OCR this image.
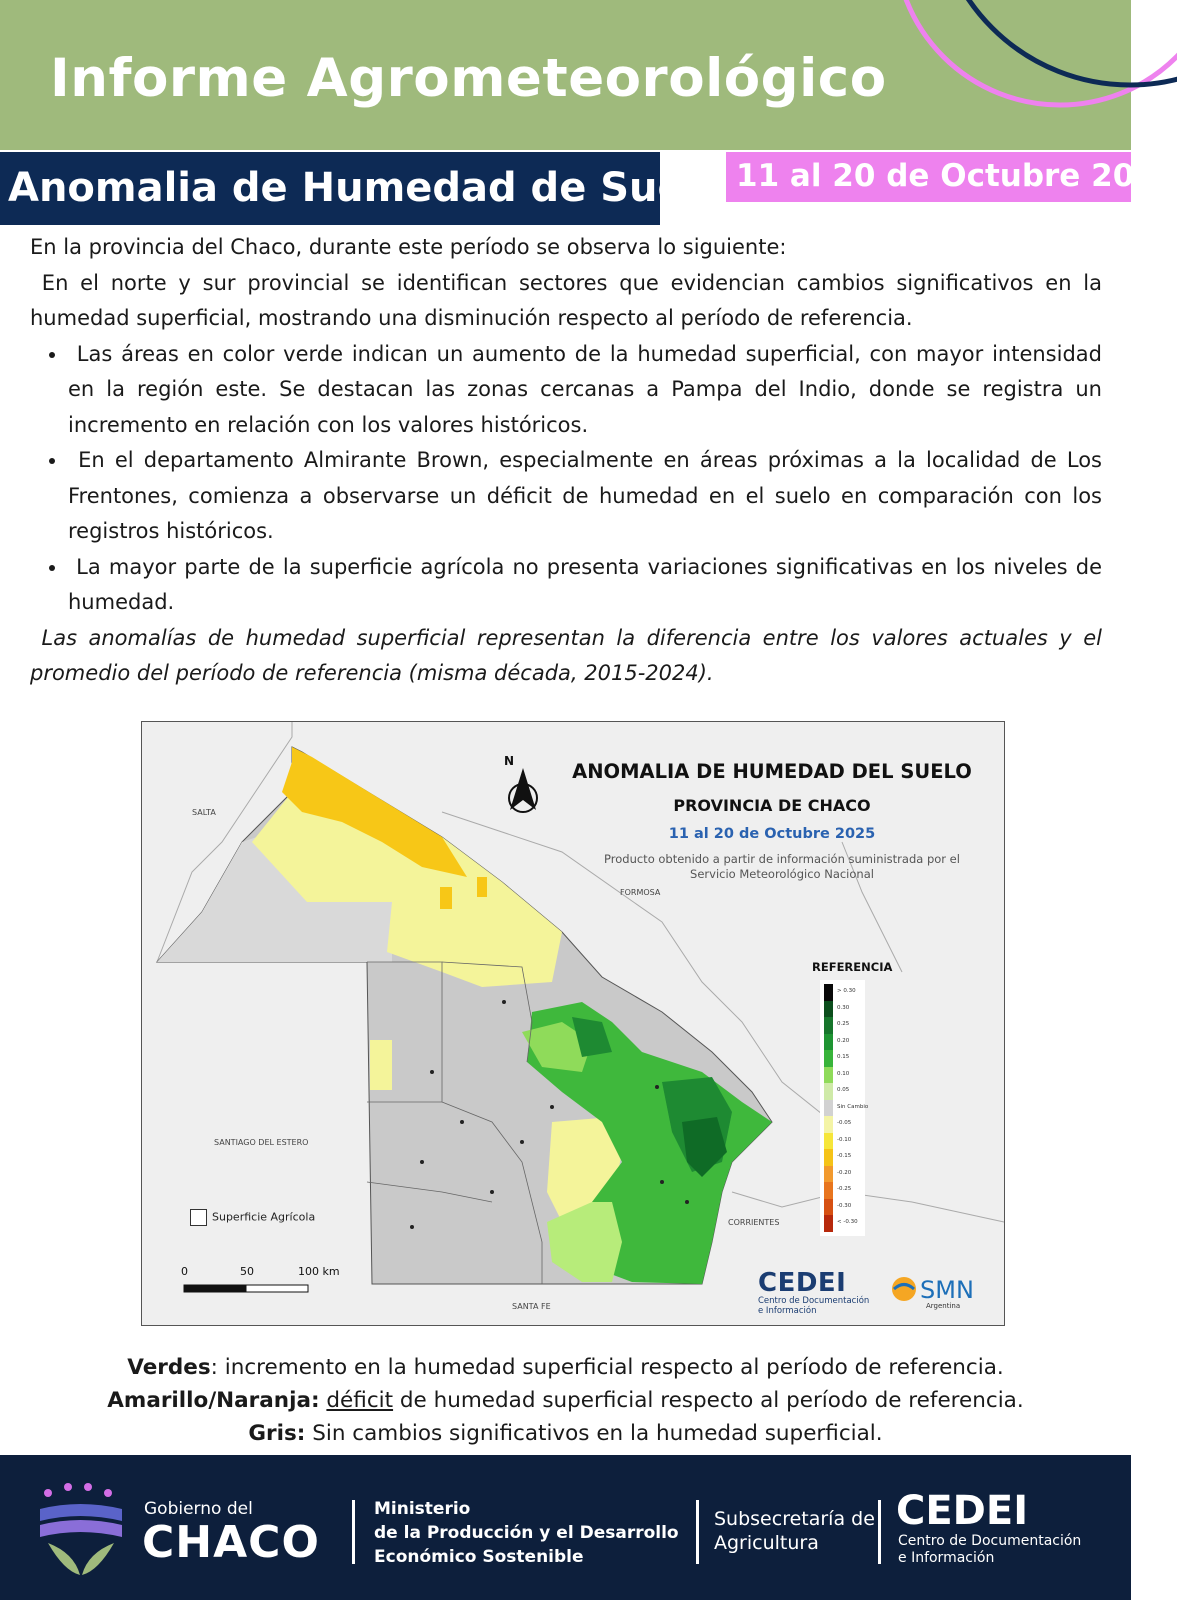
Informe Agrometeorológico
Anomalia de Humedad de Suelo 11 al 20 de Octubre 2025

En la provincia del Chaco, durante este período se observa lo siguiente:

En el norte y sur provincial se identifican sectores que evidencian cambios significativos en la humedad superficial, mostrando una disminución respecto al período de referencia.

• Las áreas en color verde indican un aumento de la humedad superficial, con mayor intensidad en la región este. Se destacan las zonas cercanas a Pampa del Indio, donde se registra un incremento en relación con los valores históricos.
• En el departamento Almirante Brown, especialmente en áreas próximas a la localidad de Los Frentones, comienza a observarse un déficit de humedad en el suelo en comparación con los registros históricos.
• La mayor parte de la superficie agrícola no presenta variaciones significativas en los niveles de humedad.

Las anomalías de humedad superficial representan la diferencia entre los valores actuales y el promedio del período de referencia (misma década, 2015-2024).

ANOMALIA DE HUMEDAD DEL SUELO
PROVINCIA DE CHACO
11 al 20 de Octubre 2025
Producto obtenido a partir de información suministrada por el Servicio Meteorológico Nacional
N
SALTA
FORMOSA
SANTIAGO DEL ESTERO
CORRIENTES
SANTA FE
REFERENCIA
> 0.30
0.30
0.25
0.20
0.15
0.10
0.05
Sin Cambio
-0.05
-0.10
-0.15
-0.20
-0.25
-0.30
< -0.30
Superficie Agrícola
0	50	100 km	CEDEI
Centro de Documentación e Información
SMN
Argentina
Verdes: incremento en la humedad superficial respecto al período de referencia.
Amarillo/Naranja: déficit de humedad superficial respecto al período de referencia.
Gris: Sin cambios significativos en la humedad superficial.
Gobierno del
CHACO
Ministerio
de la Producción y el Desarrollo
Económico Sostenible
Subsecretaría de
Agricultura
CEDEI
Centro de Documentación
e Información
